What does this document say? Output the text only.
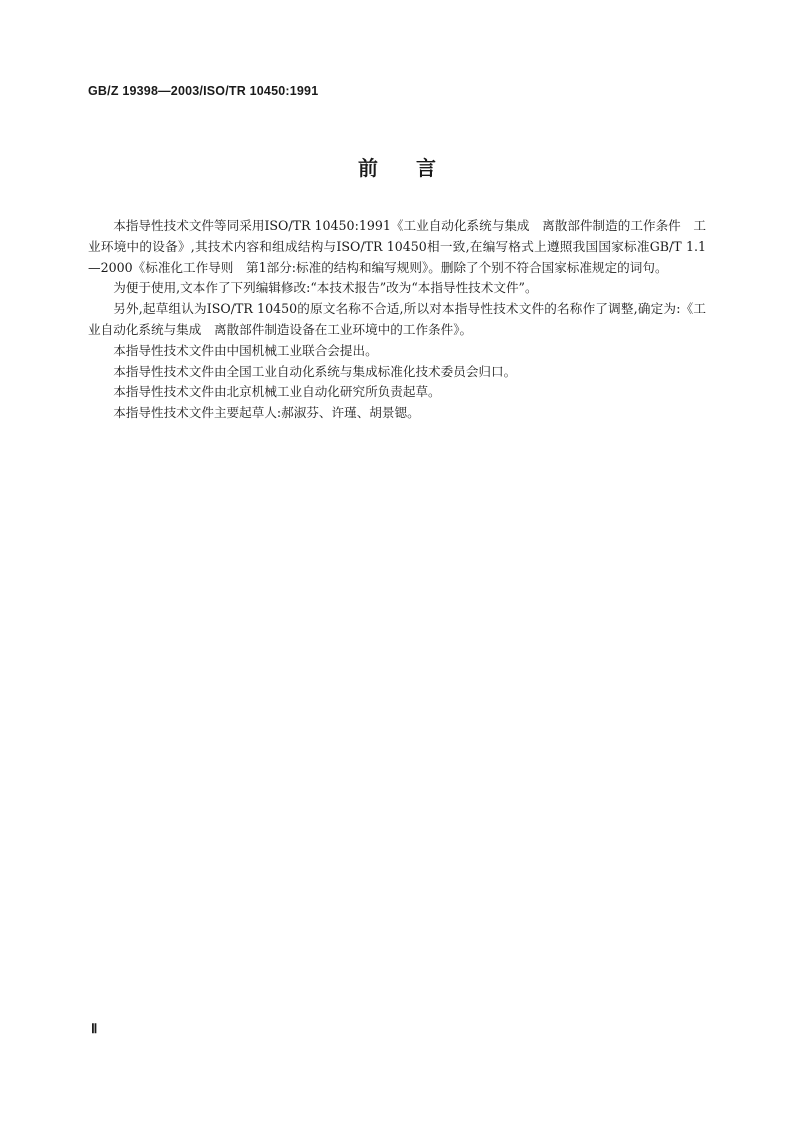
GB/Z 19398—2003/ISO/TR 10450:1991
前言

本指导性技术文件等同采用ISO/TR 10450:1991《工业自动化系统与集成　离散部件制造的工作条件　工业环境中的设备》,其技术内容和组成结构与ISO/TR 10450相一致,在编写格式上遵照我国国家标准GB/T 1.1—2000《标准化工作导则　第1部分:标准的结构和编写规则》。删除了个别不符合国家标准规定的词句。

为便于使用,文本作了下列编辑修改:“本技术报告”改为“本指导性技术文件”。

另外,起草组认为ISO/TR 10450的原文名称不合适,所以对本指导性技术文件的名称作了调整,确定为:《工业自动化系统与集成　离散部件制造设备在工业环境中的工作条件》。

本指导性技术文件由中国机械工业联合会提出。

本指导性技术文件由全国工业自动化系统与集成标准化技术委员会归口。

本指导性技术文件由北京机械工业自动化研究所负责起草。

本指导性技术文件主要起草人:郝淑芬、许瑾、胡景锶。

Ⅱ
